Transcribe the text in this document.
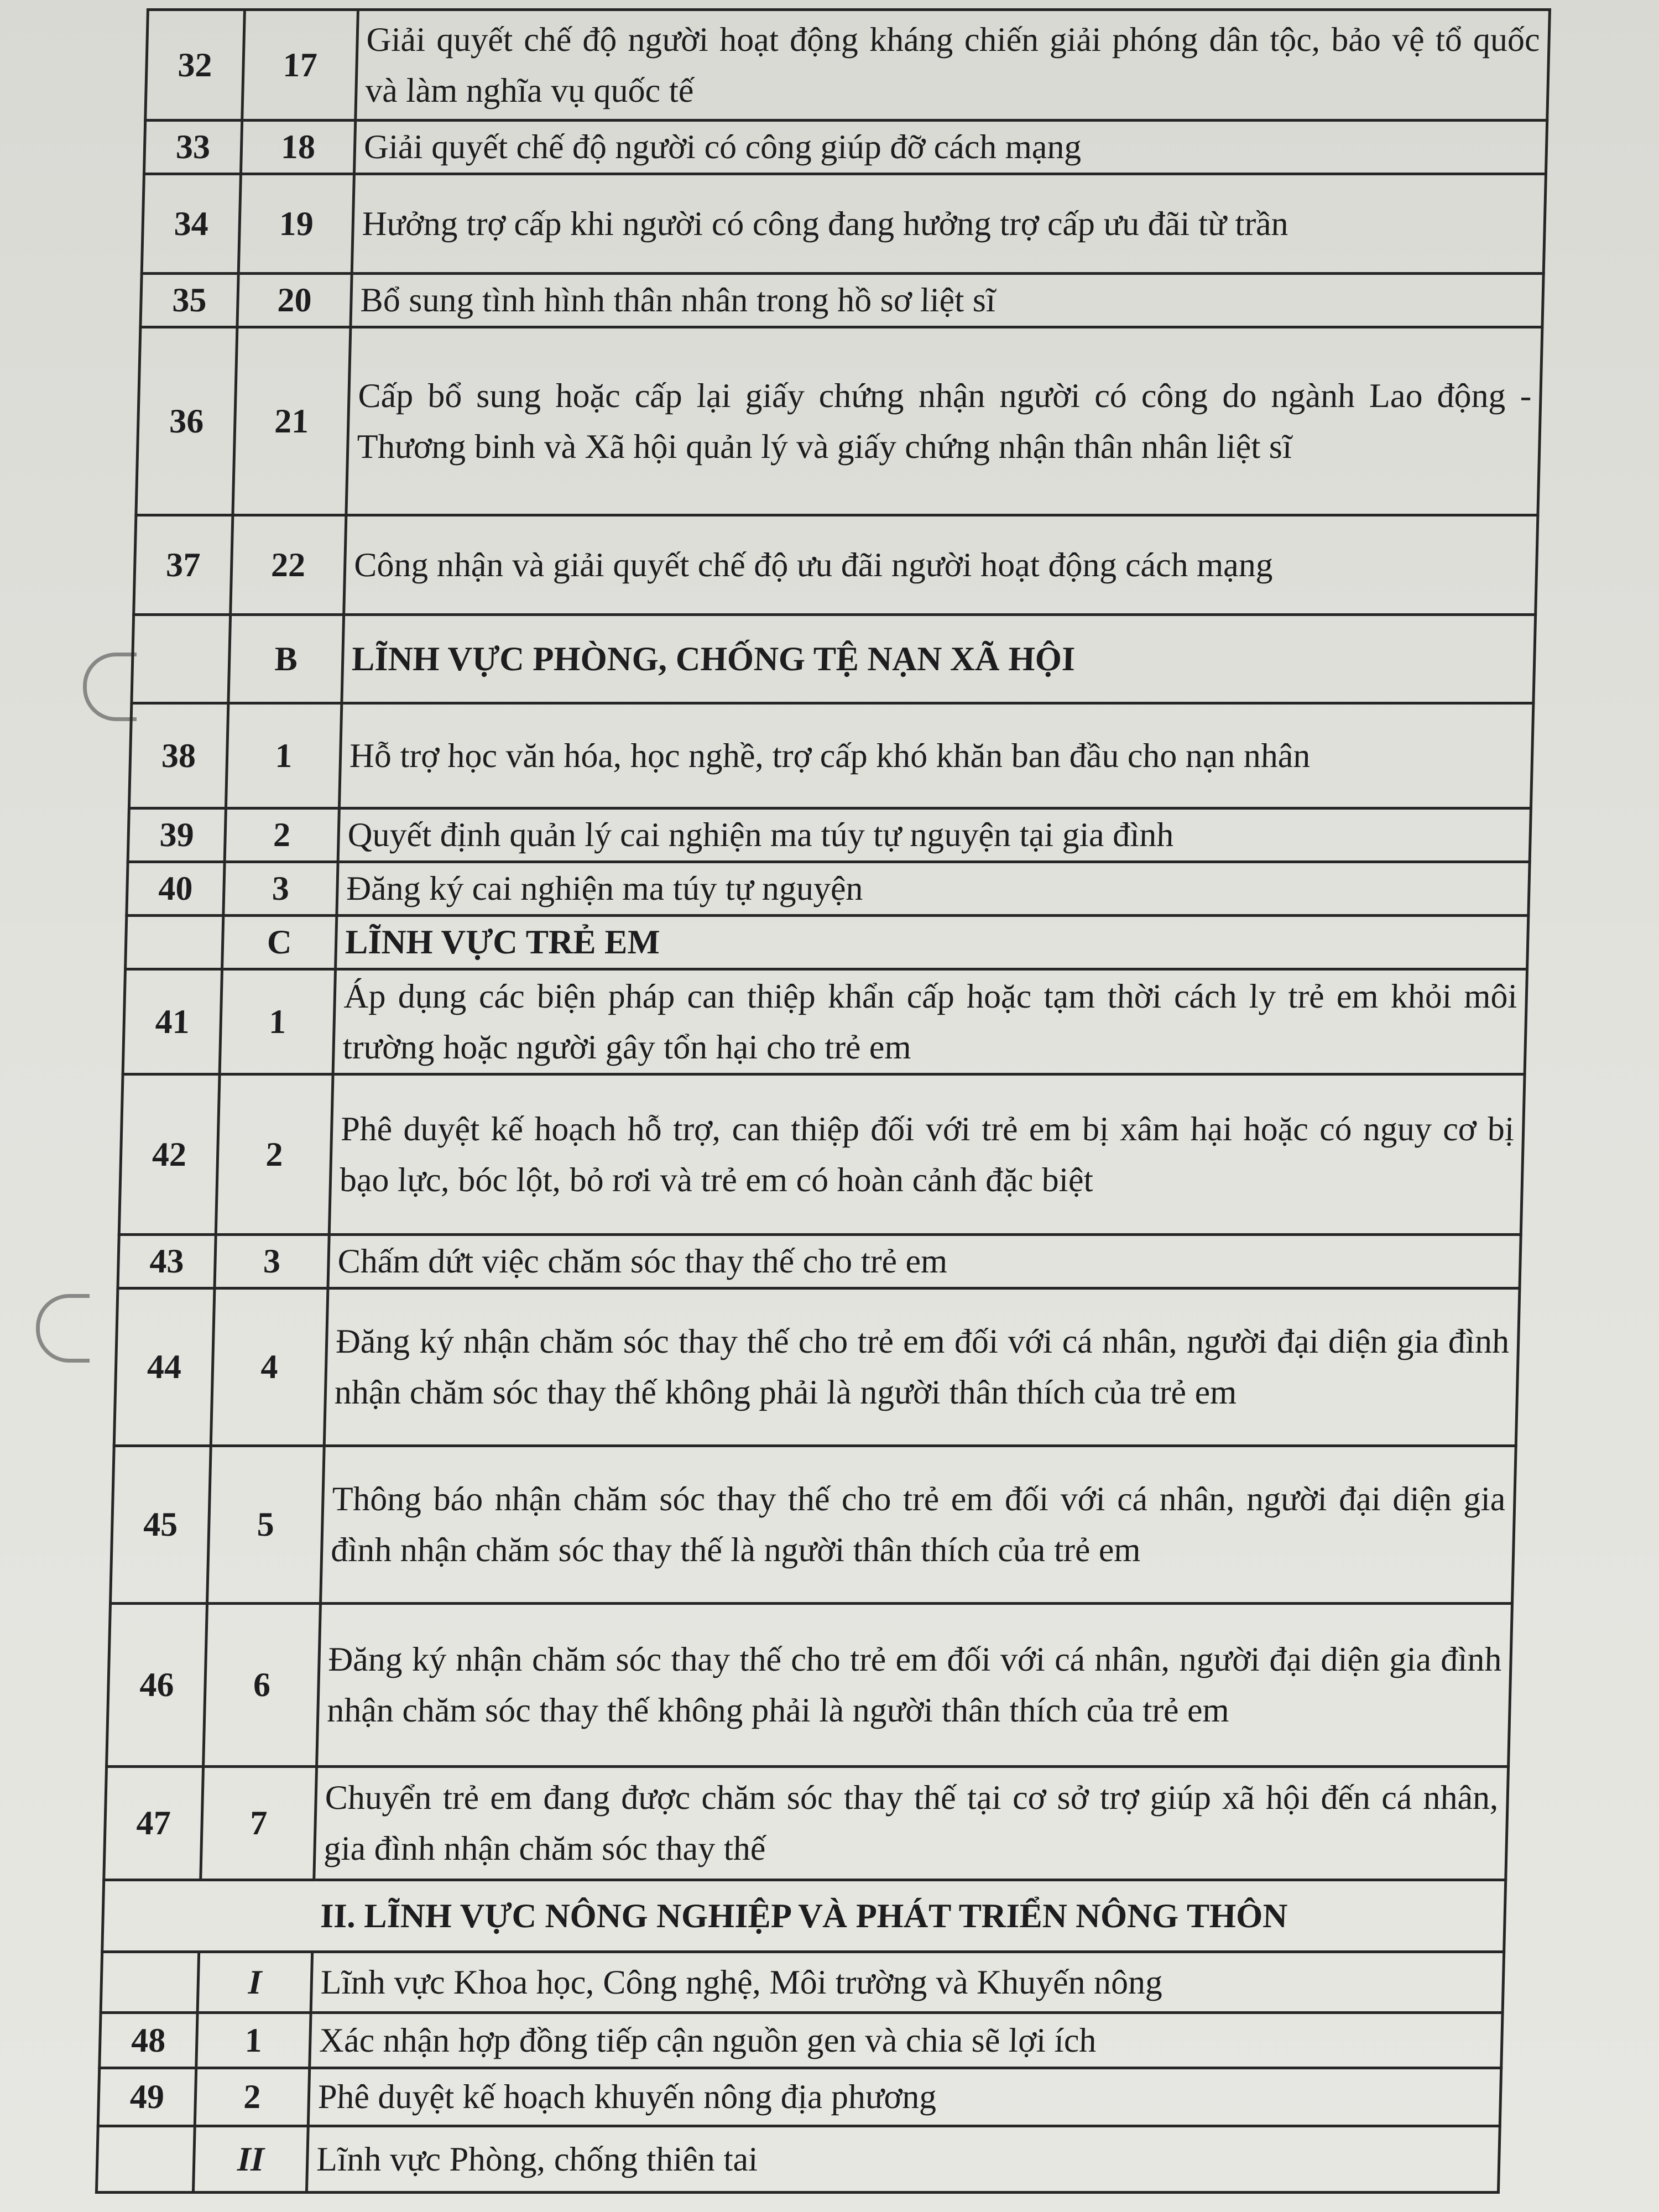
32	17	Giải quyết chế độ người hoạt động kháng chiến giải phóng dân tộc, bảo vệ tổ quốc và làm nghĩa vụ quốc tế
33	18	Giải quyết chế độ người có công giúp đỡ cách mạng
34	19	Hưởng trợ cấp khi người có công đang hưởng trợ cấp ưu đãi từ trần
35	20	Bổ sung tình hình thân nhân trong hồ sơ liệt sĩ
36	21	Cấp bổ sung hoặc cấp lại giấy chứng nhận người có công do ngành Lao động - Thương binh và Xã hội quản lý và giấy chứng nhận thân nhân liệt sĩ
37	22	Công nhận và giải quyết chế độ ưu đãi người hoạt động cách mạng
	B	LĨNH VỰC PHÒNG, CHỐNG TỆ NẠN XÃ HỘI
38	1	Hỗ trợ học văn hóa, học nghề, trợ cấp khó khăn ban đầu cho nạn nhân
39	2	Quyết định quản lý cai nghiện ma túy tự nguyện tại gia đình
40	3	Đăng ký cai nghiện ma túy tự nguyện
	C	LĨNH VỰC TRẺ EM
41	1	Áp dụng các biện pháp can thiệp khẩn cấp hoặc tạm thời cách ly trẻ em khỏi môi trường hoặc người gây tổn hại cho trẻ em
42	2	Phê duyệt kế hoạch hỗ trợ, can thiệp đối với trẻ em bị xâm hại hoặc có nguy cơ bị bạo lực, bóc lột, bỏ rơi và trẻ em có hoàn cảnh đặc biệt
43	3	Chấm dứt việc chăm sóc thay thế cho trẻ em
44	4	Đăng ký nhận chăm sóc thay thế cho trẻ em đối với cá nhân, người đại diện gia đình nhận chăm sóc thay thế không phải là người thân thích của trẻ em
45	5	Thông báo nhận chăm sóc thay thế cho trẻ em đối với cá nhân, người đại diện gia đình nhận chăm sóc thay thế là người thân thích của trẻ em
46	6	Đăng ký nhận chăm sóc thay thế cho trẻ em đối với cá nhân, người đại diện gia đình nhận chăm sóc thay thế không phải là người thân thích của trẻ em
47	7	Chuyển trẻ em đang được chăm sóc thay thế tại cơ sở trợ giúp xã hội đến cá nhân, gia đình nhận chăm sóc thay thế
II. LĨNH VỰC NÔNG NGHIỆP VÀ PHÁT TRIỂN NÔNG THÔN		
	I	Lĩnh vực Khoa học, Công nghệ, Môi trường và Khuyến nông
48	1	Xác nhận hợp đồng tiếp cận nguồn gen và chia sẽ lợi ích
49	2	Phê duyệt kế hoạch khuyến nông địa phương
	II	Lĩnh vực Phòng, chống thiên tai
